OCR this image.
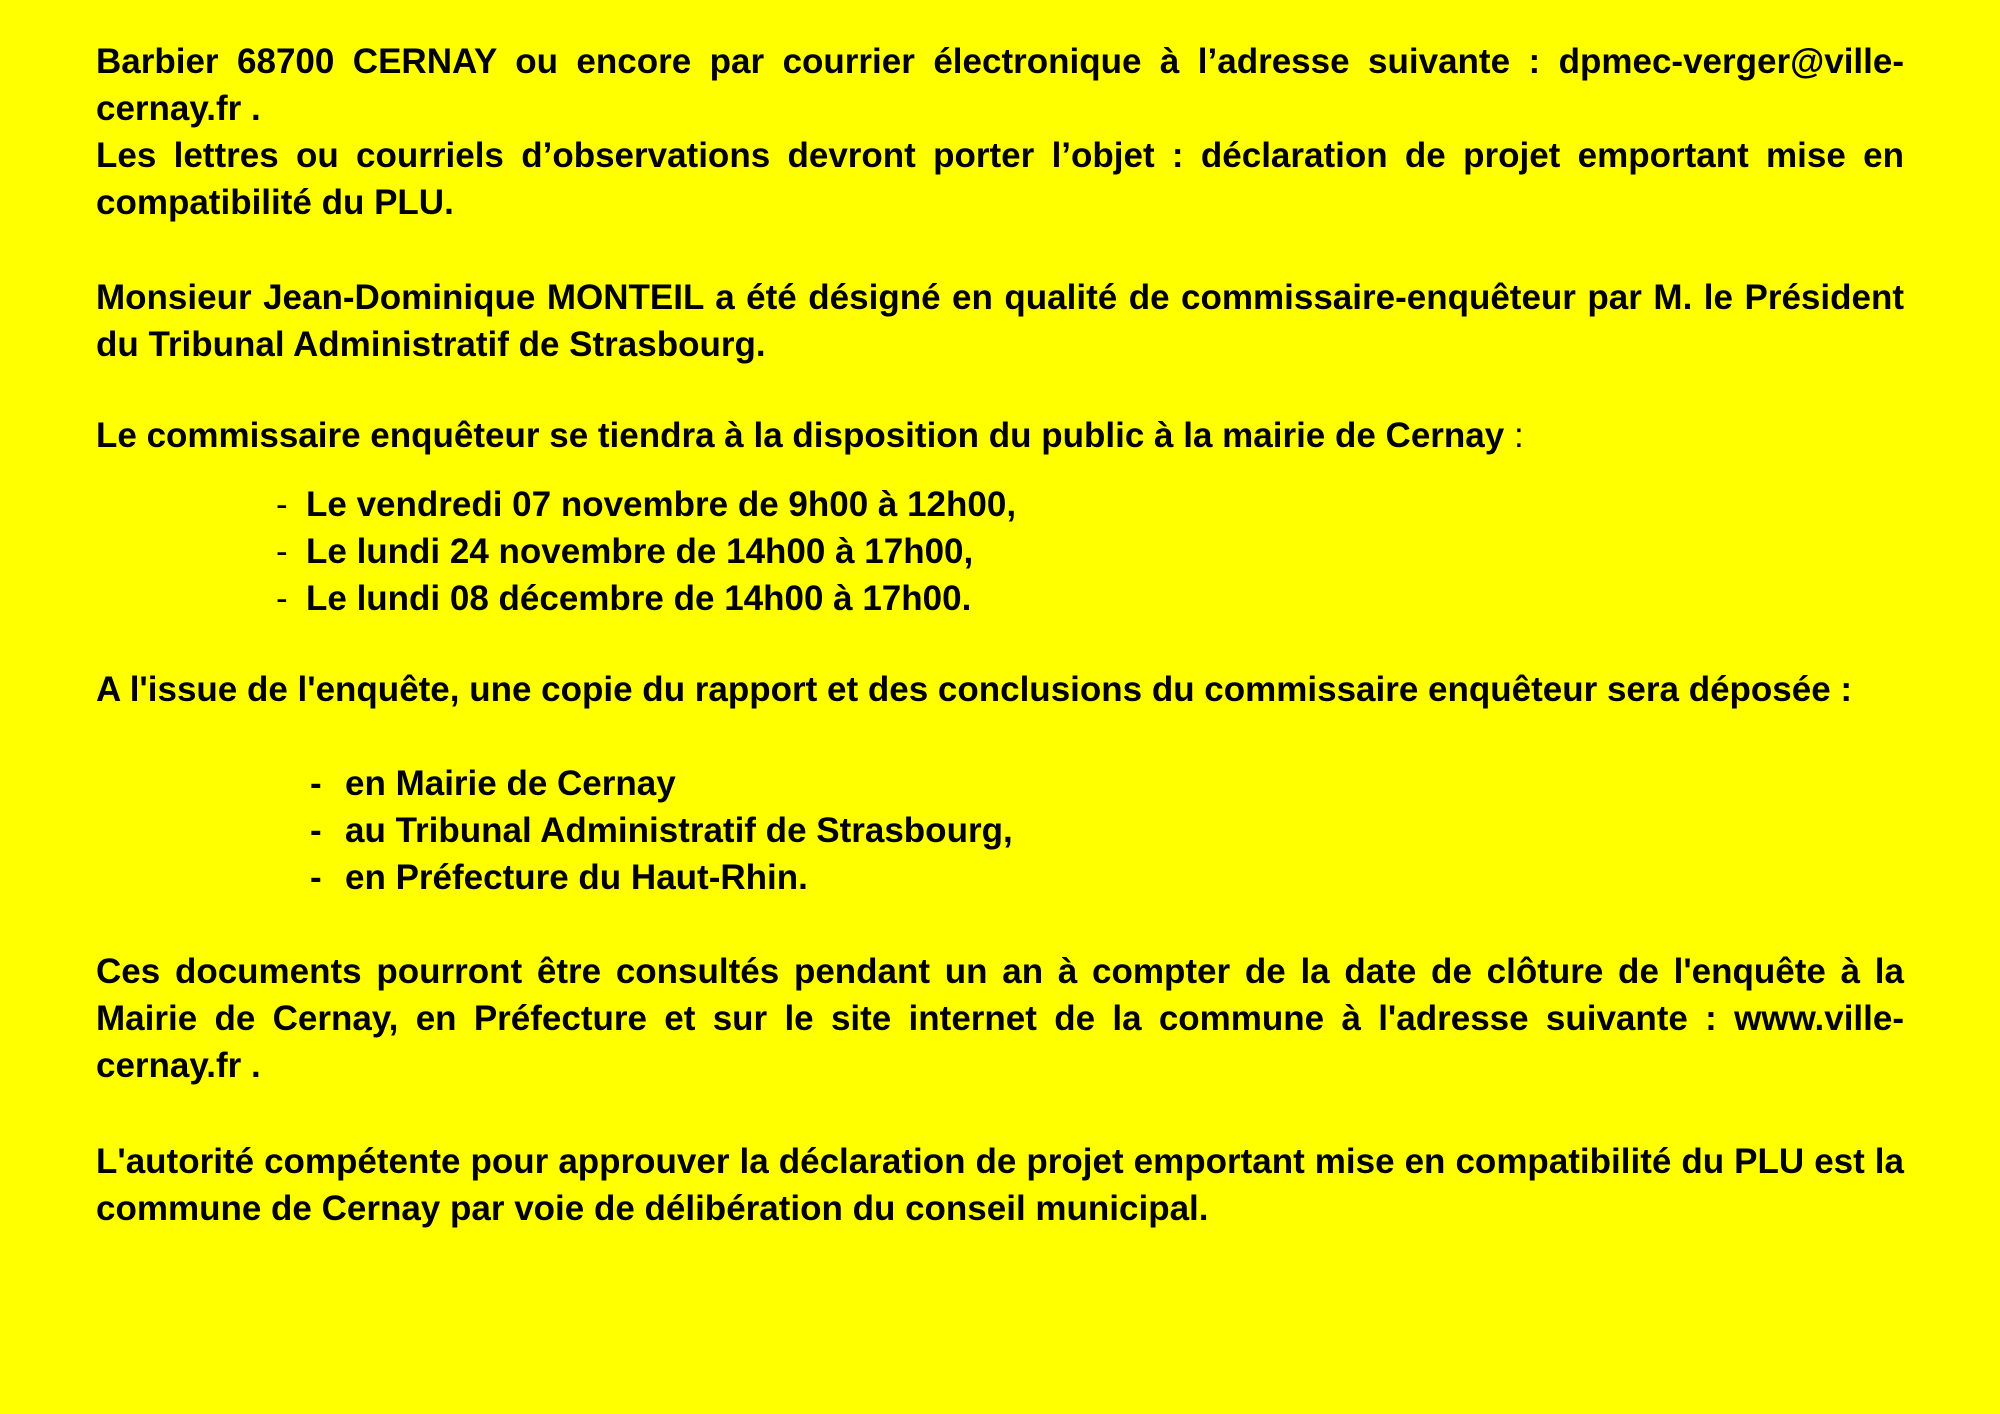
Barbier 68700 CERNAY ou encore par courrier électronique à l’adresse suivante : dpmec-verger@ville-cernay.fr .

Les lettres ou courriels d’observations devront porter l’objet : déclaration de projet emportant mise en compatibilité du PLU.

Monsieur Jean-Dominique MONTEIL a été désigné en qualité de commissaire-enquêteur par M. le Président du Tribunal Administratif de Strasbourg.

Le commissaire enquêteur se tiendra à la disposition du public à la mairie de Cernay :

- Le vendredi 07 novembre de 9h00 à 12h00,
- Le lundi 24 novembre de 14h00 à 17h00,
- Le lundi 08 décembre de 14h00 à 17h00.

A l'issue de l'enquête, une copie du rapport et des conclusions du commissaire enquêteur sera déposée :

- en Mairie de Cernay
- au Tribunal Administratif de Strasbourg,
- en Préfecture du Haut-Rhin.

Ces documents pourront être consultés pendant un an à compter de la date de clôture de l'enquête à la Mairie de Cernay, en Préfecture et sur le site internet de la commune à l'adresse suivante : www.ville-cernay.fr .

L'autorité compétente pour approuver la déclaration de projet emportant mise en compatibilité du PLU est la commune de Cernay par voie de délibération du conseil municipal.
